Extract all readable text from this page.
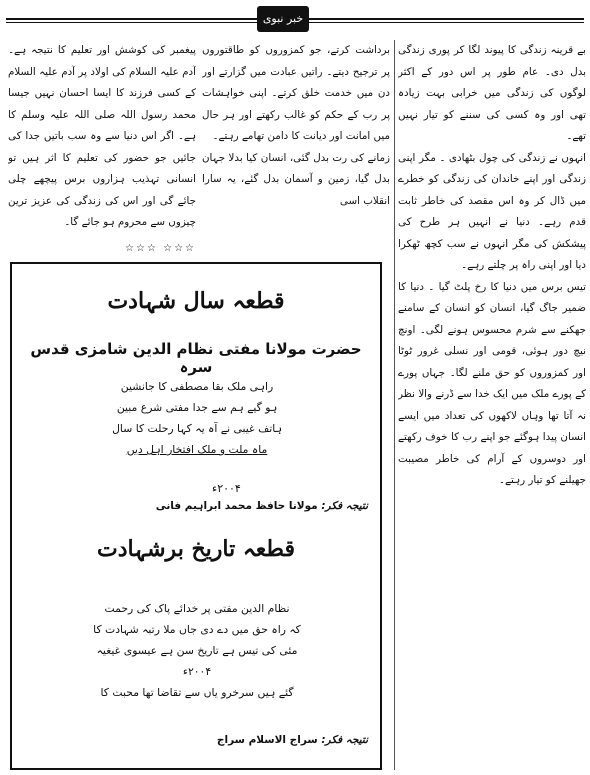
خبر نبوی

بے قرینہ زندگی کا پیوند لگا کر پوری زندگی بدل دی۔ عام طور پر اس دور کے اکثر لوگوں کی زندگی میں خرابی بہت زیادہ تھی اور وہ کسی کی سننے کو تیار نہیں تھے۔

انہوں نے زندگی کی چول بٹھادی ۔ مگر اپنی زندگی اور اپنے خاندان کی زندگی کو خطرے میں ڈال کر وہ اس مقصد کی خاطر ثابت قدم رہے۔ دنیا نے انہیں ہر طرح کی پیشکش کی مگر انہوں نے سب کچھ ٹھکرا دیا اور اپنی راہ پر چلتے رہے۔

تیس برس میں دنیا کا رخ پلٹ گیا ۔ دنیا کا ضمیر جاگ گیا، انسان کو انسان کے سامنے جھکنے سے شرم محسوس ہونے لگی۔ اونچ نیچ دور ہوئی، قومی اور نسلی غرور ٹوٹا اور کمزوروں کو حق ملنے لگا۔ جہاں پورے کے پورے ملک میں ایک خدا سے ڈرنے والا نظر نہ آتا تھا وہاں لاکھوں کی تعداد میں ایسے انسان پیدا ہوگئے جو اپنے رب کا خوف رکھتے اور دوسروں کے آرام کی خاطر مصیبت جھیلنے کو تیار رہتے۔

برداشت کرتے، جو کمزوروں کو طاقتوروں پر ترجیح دیتے۔ راتیں عبادت میں گزارتے اور دن میں خدمت خلق کرتے۔ اپنی خواہشات پر رب کے حکم کو غالب رکھتے اور ہر حال میں امانت اور دیانت کا دامن تھامے رہتے۔

زمانے کی رت بدل گئی، انسان کیا بدلا جہان بدل گیا، زمین و آسمان بدل گئے، یہ سارا انقلاب اسی

پیغمبر کی کوشش اور تعلیم کا نتیجہ ہے۔ آدم علیہ السلام کی اولاد پر آدم علیہ السلام کے کسی فرزند کا ایسا احسان نہیں جیسا محمد رسول اللہ صلی اللہ علیہ وسلم کا ہے۔ اگر اس دنیا سے وہ سب باتیں جدا کی جائیں جو حضور کی تعلیم کا اثر ہیں تو انسانی تہذیب ہزاروں برس پیچھے چلی جائے گی اور اس کی زندگی کی عزیز ترین چیزوں سے محروم ہو جائے گا۔

☆☆☆ ☆☆☆
قطعہ سال شہادت
حضرت مولانا مفتی نظام الدین شامزی قدس سرہ
راہی ملک بقا مصطفی کا جانشین
ہو گیے ہم سے جدا مفتی شرع مبین
ہاتف غیبی نے آہ یہ کہا رحلت کا سال
ماہ ملت و ملک افتخار اہل دیں
۲۰۰۴ء
نتیجہ فکر: مولانا حافظ محمد ابراہیم فانی
قطعہ تاریخ برشہادت
نظام الدین مفتی پر خدائے پاک کی رحمت
کہ راہ حق میں دے دی جاں ملا رتبہ شہادت کا
مئی کی تیس ہے تاریخ سن ہے عیسوی غیغیہ
۲۰۰۴ء
گئے ہیں سرخرو یاں سے تقاضا تھا محبت کا
نتیجہ فکر: سراج الاسلام سراج
